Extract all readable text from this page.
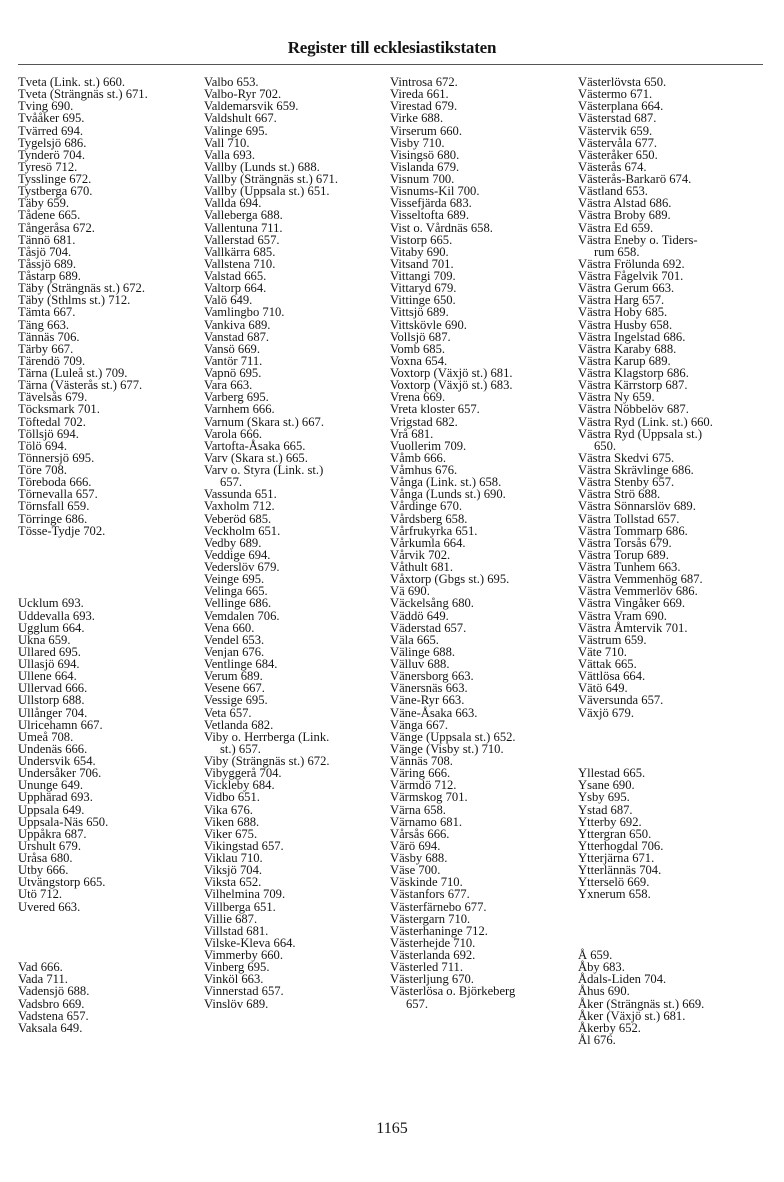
Register till ecklesiastikstaten
Tveta (Link. st.) 660.
Tveta (Strängnäs st.) 671.
Tving 690.
Tvååker 695.
Tvärred 694.
Tygelsjö 686.
Tynderö 704.
Tyresö 712.
Tysslinge 672.
Tystberga 670.
Täby 659.
Tådene 665.
Tångeråsa 672.
Tännö 681.
Tåsjö 704.
Tåssjö 689.
Tåstarp 689.
Täby (Strängnäs st.) 672.
Täby (Sthlms st.) 712.
Tämta 667.
Täng 663.
Tännäs 706.
Tärby 667.
Tärendö 709.
Tärna (Luleå st.) 709.
Tärna (Västerås st.) 677.
Tävelsås 679.
Töcksmark 701.
Töftedal 702.
Töllsjö 694.
Tölö 694.
Tönnersjö 695.
Töre 708.
Töreboda 666.
Törnevalla 657.
Törnsfall 659.
Törringe 686.
Tösse-Tydje 702.

Ucklum 693.
Uddevalla 693.
Ugglum 664.
Ukna 659.
Ullared 695.
Ullasjö 694.
Ullene 664.
Ullervad 666.
Ullstorp 688.
Ullånger 704.
Ulricehamn 667.
Umeå 708.
Undenäs 666.
Undersvik 654.
Undersåker 706.
Ununge 649.
Upphärad 693.
Uppsala 649.
Uppsala-Näs 650.
Uppåkra 687.
Urshult 679.
Uråsa 680.
Utby 666.
Utvängstorp 665.
Utö 712.
Uvered 663.

Vad 666.
Vada 711.
Vadensjö 688.
Vadsbro 669.
Vadstena 657.
Vaksala 649.
Valbo 653.
Valbo-Ryr 702.
Valdemarsvik 659.
Valdshult 667.
Valinge 695.
Vall 710.
Valla 693.
Vallby (Lunds st.) 688.
Vallby (Strängnäs st.) 671.
Vallby (Uppsala st.) 651.
Vallda 694.
Valleberga 688.
Vallentuna 711.
Vallerstad 657.
Vallkärra 685.
Vallstena 710.
Valstad 665.
Valtorp 664.
Valö 649.
Vamlingbo 710.
Vankiva 689.
Vanstad 687.
Vansö 669.
Vantör 711.
Vapnö 695.
Vara 663.
Varberg 695.
Varnhem 666.
Varnum (Skara st.) 667.
Varola 666.
Vartofta-Åsaka 665.
Varv (Skara st.) 665.
Varv o. Styra (Link. st.)
657.
Vassunda 651.
Vaxholm 712.
Veberöd 685.
Veckholm 651.
Vedby 689.
Veddige 694.
Vederslöv 679.
Veinge 695.
Velinga 665.
Vellinge 686.
Vemdalen 706.
Vena 660.
Vendel 653.
Venjan 676.
Ventlinge 684.
Verum 689.
Vesene 667.
Vessige 695.
Veta 657.
Vetlanda 682.
Viby o. Herrberga (Link.
st.) 657.
Viby (Strängnäs st.) 672.
Vibyggerå 704.
Vickleby 684.
Vidbo 651.
Vika 676.
Viken 688.
Viker 675.
Vikingstad 657.
Viklau 710.
Viksjö 704.
Viksta 652.
Vilhelmina 709.
Villberga 651.
Villie 687.
Villstad 681.
Vilske-Kleva 664.
Vimmerby 660.
Vinberg 695.
Vinköl 663.
Vinnerstad 657.
Vinslöv 689.
Vintrosa 672.
Vireda 661.
Virestad 679.
Virke 688.
Virserum 660.
Visby 710.
Visingsö 680.
Vislanda 679.
Visnum 700.
Visnums-Kil 700.
Vissefjärda 683.
Visseltofta 689.
Vist o. Vårdnäs 658.
Vistorp 665.
Vitaby 690.
Vitsand 701.
Vittangi 709.
Vittaryd 679.
Vittinge 650.
Vittsjö 689.
Vittskövle 690.
Vollsjö 687.
Vomb 685.
Voxna 654.
Voxtorp (Växjö st.) 681.
Voxtorp (Växjö st.) 683.
Vrena 669.
Vreta kloster 657.
Vrigstad 682.
Vrå 681.
Vuollerim 709.
Våmb 666.
Våmhus 676.
Vånga (Link. st.) 658.
Vånga (Lunds st.) 690.
Vårdinge 670.
Vårdsberg 658.
Vårfrukyrka 651.
Vårkumla 664.
Vårvik 702.
Våthult 681.
Våxtorp (Gbgs st.) 695.
Vä 690.
Väckelsång 680.
Väddö 649.
Väderstad 657.
Väla 665.
Välinge 688.
Välluv 688.
Vänersborg 663.
Vänersnäs 663.
Väne-Ryr 663.
Väne-Åsaka 663.
Vänga 667.
Vänge (Uppsala st.) 652.
Vänge (Visby st.) 710.
Vännäs 708.
Väring 666.
Värmdö 712.
Värmskog 701.
Värna 658.
Värnamo 681.
Vårsås 666.
Värö 694.
Väsby 688.
Väse 700.
Väskinde 710.
Västanfors 677.
Västerfärnebo 677.
Västergarn 710.
Västerhaninge 712.
Västerhejde 710.
Västerlanda 692.
Västerled 711.
Västerljung 670.
Västerlösa o. Björkeberg
657.
Västerlövsta 650.
Västermo 671.
Västerplana 664.
Västerstad 687.
Västervik 659.
Västervåla 677.
Västeråker 650.
Västerås 674.
Västerås-Barkarö 674.
Västland 653.
Västra Alstad 686.
Västra Broby 689.
Västra Ed 659.
Västra Eneby o. Tiders-
rum 658.
Västra Frölunda 692.
Västra Fågelvik 701.
Västra Gerum 663.
Västra Harg 657.
Västra Hoby 685.
Västra Husby 658.
Västra Ingelstad 686.
Västra Karaby 688.
Västra Karup 689.
Västra Klagstorp 686.
Västra Kärrstorp 687.
Västra Ny 659.
Västra Nöbbelöv 687.
Västra Ryd (Link. st.) 660.
Västra Ryd (Uppsala st.)
650.
Västra Skedvi 675.
Västra Skrävlinge 686.
Västra Stenby 657.
Västra Strö 688.
Västra Sönnarslöv 689.
Västra Tollstad 657.
Västra Tommarp 686.
Västra Torsås 679.
Västra Torup 689.
Västra Tunhem 663.
Västra Vemmenhög 687.
Västra Vemmerlöv 686.
Västra Vingåker 669.
Västra Vram 690.
Västra Åmtervik 701.
Västrum 659.
Väte 710.
Vättak 665.
Vättlösa 664.
Vätö 649.
Väversunda 657.
Växjö 679.

Yllestad 665.
Ysane 690.
Ysby 695.
Ystad 687.
Ytterby 692.
Yttergran 650.
Ytterhogdal 706.
Ytterjärna 671.
Ytterlännäs 704.
Ytterselö 669.
Yxnerum 658.

Å 659.
Åby 683.
Ådals-Liden 704.
Åhus 690.
Åker (Strängnäs st.) 669.
Åker (Växjö st.) 681.
Åkerby 652.
Ål 676.
1165
